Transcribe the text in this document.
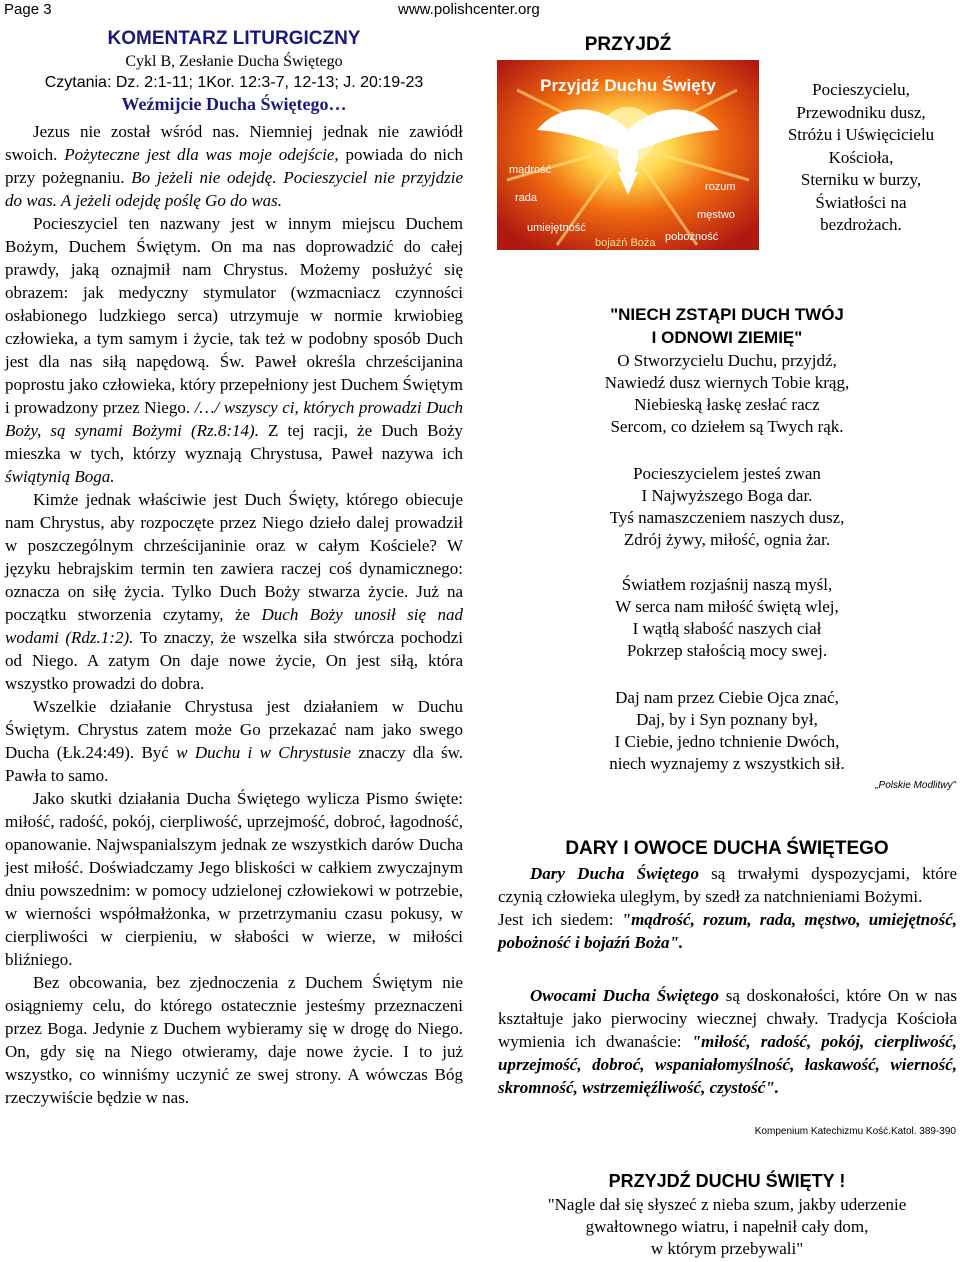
Page 3	www.polishcenter.org
KOMENTARZ LITURGICZNY
Cykl B, Zesłanie Ducha Świętego
Czytania: Dz. 2:1-11; 1Kor. 12:3-7, 12-13; J. 20:19-23
Weźmijcie Ducha Świętego…

Jezus nie został wśród nas. Niemniej jednak nie zawiódł swoich. Pożyteczne jest dla was moje odejście, powiada do nich przy pożegnaniu. Bo jeżeli nie odejdę. Pocieszyciel nie przyjdzie do was. A jeżeli odejdę poślę Go do was.

Pocieszyciel ten nazwany jest w innym miejscu Duchem Bożym, Duchem Świętym. On ma nas doprowadzić do całej prawdy, jaką oznajmił nam Chrystus. Możemy posłużyć się obrazem: jak medyczny stymulator (wzmacniacz czynności osłabionego ludzkiego serca) utrzymuje w normie krwiobieg człowieka, a tym samym i życie, tak też w podobny sposób Duch jest dla nas siłą napędową. Św. Paweł określa chrześcijanina poprostu jako człowieka, który przepełniony jest Duchem Świętym i prowadzony przez Niego. /…/ wszyscy ci, których prowadzi Duch Boży, są synami Bożymi (Rz.8:14). Z tej racji, że Duch Boży mieszka w tych, którzy wyznają Chrystusa, Paweł nazywa ich świątynią Boga.

Kimże jednak właściwie jest Duch Święty, którego obiecuje nam Chrystus, aby rozpoczęte przez Niego dzieło dalej prowadził w poszczególnym chrześcijaninie oraz w całym Kościele? W języku hebrajskim termin ten zawiera raczej coś dynamicznego: oznacza on siłę życia. Tylko Duch Boży stwarza życie. Już na początku stworzenia czytamy, że Duch Boży unosił się nad wodami (Rdz.1:2). To znaczy, że wszelka siła stwórcza pochodzi od Niego. A zatym On daje nowe życie, On jest siłą, która wszystko prowadzi do dobra.

Wszelkie działanie Chrystusa jest działaniem w Duchu Świętym. Chrystus zatem może Go przekazać nam jako swego Ducha (Łk.24:49). Być w Duchu i w Chrystusie znaczy dla św. Pawła to samo.

Jako skutki działania Ducha Świętego wylicza Pismo święte: miłość, radość, pokój, cierpliwość, uprzejmość, dobroć, łagodność, opanowanie. Najwspanialszym jednak ze wszystkich darów Ducha jest miłość. Doświadczamy Jego bliskości w całkiem zwyczajnym dniu powszednim: w pomocy udzielonej człowiekowi w potrzebie, w wierności współmałżonka, w przetrzymaniu czasu pokusy, w cierpliwości w cierpieniu, w słabości w wierze, w miłości bliźniego.

Bez obcowania, bez zjednoczenia z Duchem Świętym nie osiągniemy celu, do którego ostatecznie jesteśmy przeznaczeni przez Boga. Jedynie z Duchem wybieramy się w drogę do Niego. On, gdy się na Niego otwieramy, daje nowe życie. I to już wszystko, co winniśmy uczynić ze swej strony. A wówczas Bóg rzeczywiście będzie w nas.

PRZYJDŹ
Przyjdź Duchu Święty
mądrość
rada
umiejętność
bojaźń Boża pobożność
męstwo
rozum
Pocieszycielu,
Przewodniku dusz,
Stróżu i Uświęcicielu
Kościoła,
Sterniku w burzy,
Światłości na
bezdrożach.
"NIECH ZSTĄPI DUCH TWÓJ
I ODNOWI ZIEMIĘ"
O Stworzycielu Duchu, przyjdź,
Nawiedź dusz wiernych Tobie krąg,
Niebieską łaskę zesłać racz
Sercom, co dziełem są Twych rąk.
Pocieszycielem jesteś zwan
I Najwyższego Boga dar.
Tyś namaszczeniem naszych dusz,
Zdrój żywy, miłość, ognia żar.
Światłem rozjaśnij naszą myśl,
W serca nam miłość świętą wlej,
I wątłą słabość naszych ciał
Pokrzep stałością mocy swej.
Daj nam przez Ciebie Ojca znać,
Daj, by i Syn poznany był,
I Ciebie, jedno tchnienie Dwóch,
niech wyznajemy z wszystkich sił.
„Polskie Modlitwy"
DARY I OWOCE DUCHA ŚWIĘTEGO
Dary Ducha Świętego są trwałymi dyspozycjami, które czynią człowieka uległym, by szedł za natchnieniami Bożymi.
Jest ich siedem: "mądrość, rozum, rada, męstwo, umiejętność, pobożność i bojaźń Boża".
Owocami Ducha Świętego są doskonałości, które On w nas kształtuje jako pierwociny wiecznej chwały. Tradycja Kościoła wymienia ich dwanaście: "miłość, radość, pokój, cierpliwość, uprzejmość, dobroć, wspaniałomyślność, łaskawość, wierność, skromność, wstrzemięźliwość, czystość".
Kompenium Katechizmu Kość.Katol. 389-390
PRZYJDŹ DUCHU ŚWIĘTY !
"Nagle dał się słyszeć z nieba szum, jakby uderzenie
gwałtownego wiatru, i napełnił cały dom,
w którym przebywali"
